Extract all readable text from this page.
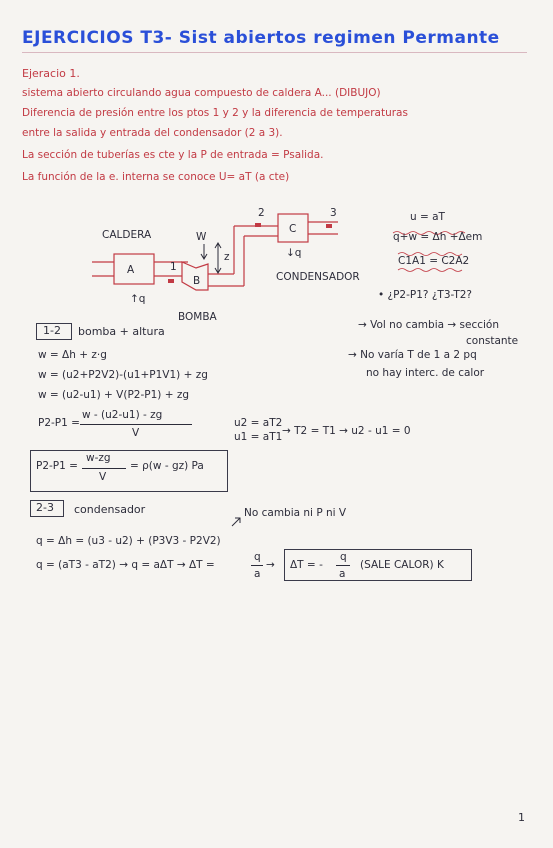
EJERCICIOS T3- Sist abiertos regimen Permante
Ejeracio 1.
sistema abierto circulando agua compuesto de caldera A... (DIBUJO)
Diferencia de presión entre los ptos 1 y 2 y la diferencia de temperaturas
entre la salida y entrada del condensador (2 a 3).
La sección de tuberías es cte y la P de entrada = Psalida.
La función de la e. interna se conoce U= aT (a cte)
CALDERA
A	1
B
W
z
2
C
3
↓q
CONDENSADOR
↑q
BOMBA
u = aT
q+w = Δh +Δem
C1A1 = C2A2
• ¿P2-P1? ¿T3-T2?
→ Vol no cambia → sección
constante
→ No varía T de 1 a 2 pq
no hay interc. de calor
1-2 bomba + altura
w = Δh + z·g
w = (u2+P2V2)-(u1+P1V1) + zg
w = (u2-u1) + V(P2-P1) + zg
P2-P1 =
w - (u2-u1) - zg
V
u2 = aT2
u1 = aT1 → T2 = T1 → u2 - u1 = 0
P2-P1 =
w-zg
V
= ρ(w - gz) Pa
2-3 condensador	No cambia ni P ni V
q = Δh = (u3 - u2) + (P3V3 - P2V2)
q = (aT3 - aT2) → q = aΔT → ΔT =
q
a
→ ΔT = -
q
a
(SALE CALOR) K
1
